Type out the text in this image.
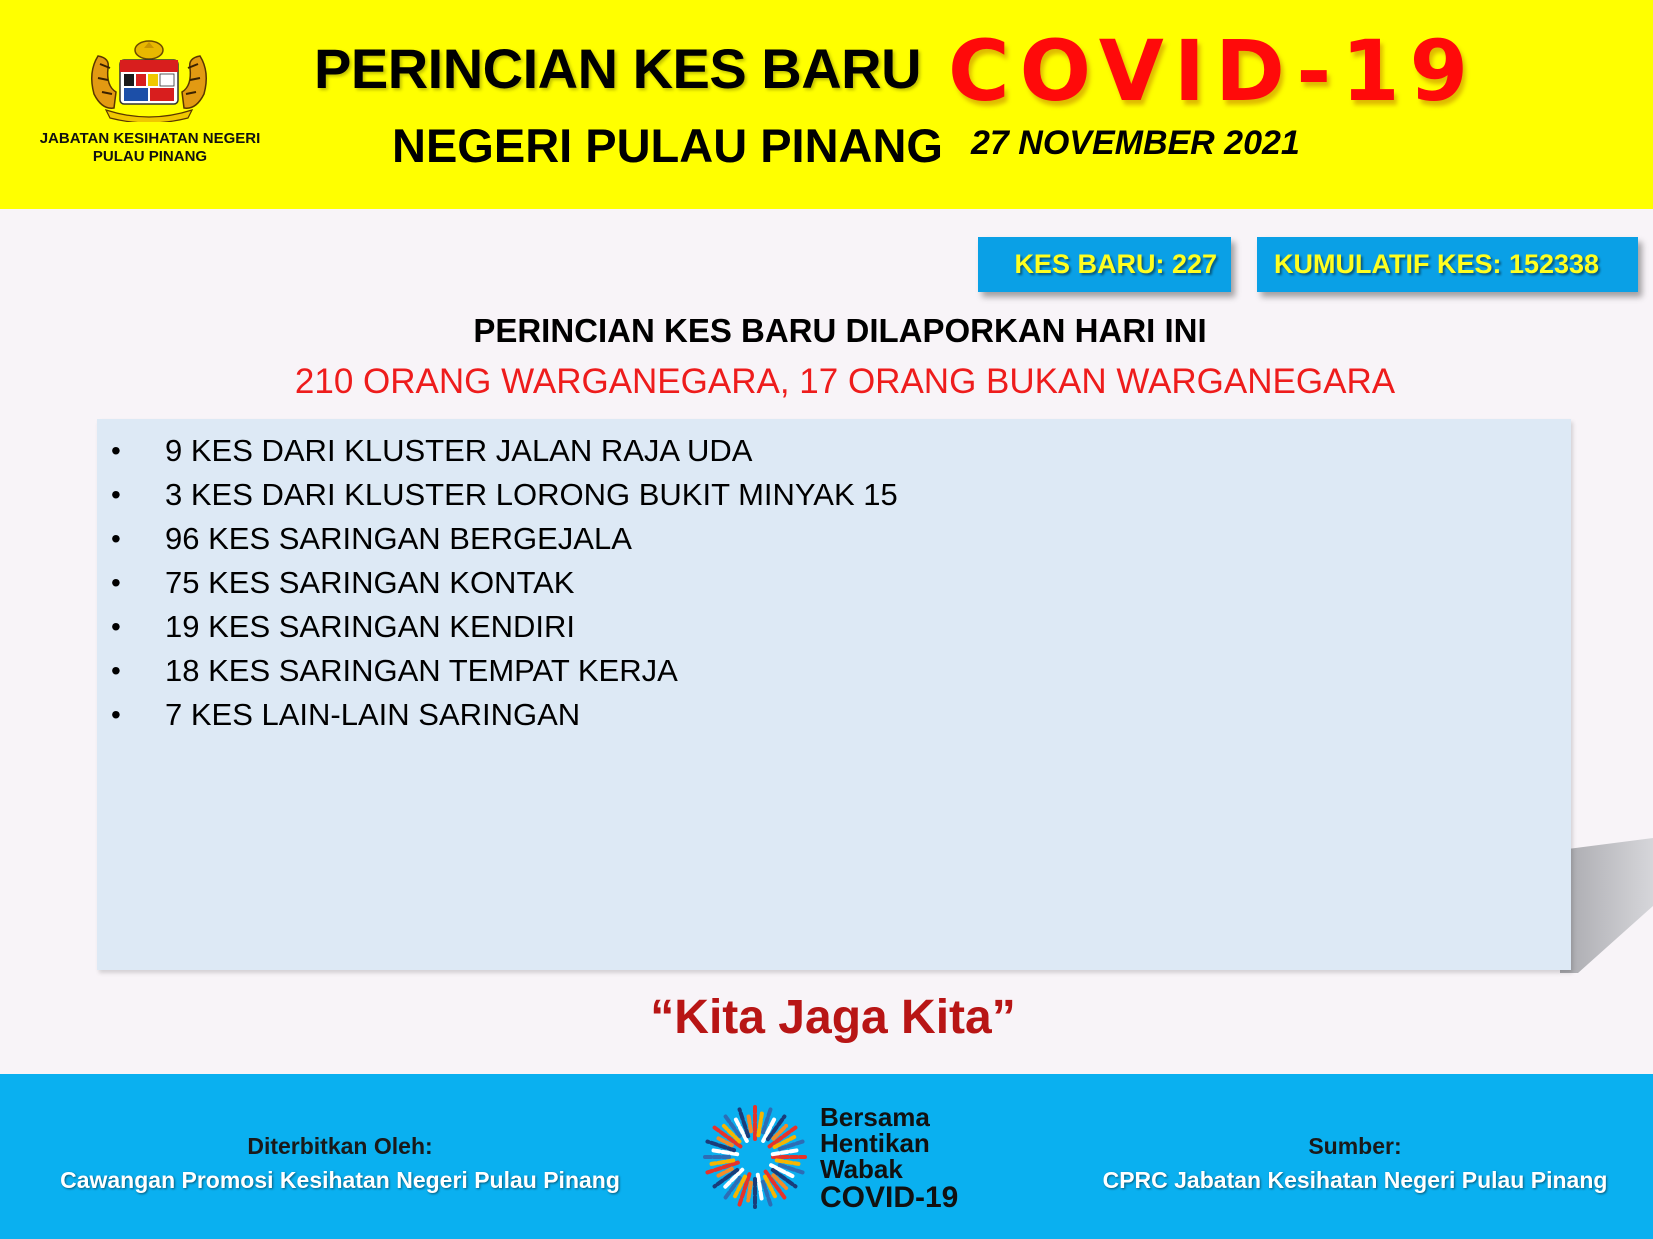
JABATAN KESIHATAN NEGERI
PULAU PINANG
PERINCIAN KES BARU COVID-19
NEGERI PULAU PINANG 27 NOVEMBER 2021
KES BARU: 227	KUMULATIF KES: 152338
PERINCIAN KES BARU DILAPORKAN HARI INI
210 ORANG WARGANEGARA, 17 ORANG BUKAN WARGANEGARA
• 9 KES DARI KLUSTER JALAN RAJA UDA
• 3 KES DARI KLUSTER LORONG BUKIT MINYAK 15
• 96 KES SARINGAN BERGEJALA
• 75 KES SARINGAN KONTAK
• 19 KES SARINGAN KENDIRI
• 18 KES SARINGAN TEMPAT KERJA
• 7 KES LAIN-LAIN SARINGAN
“Kita Jaga Kita”
Diterbitkan Oleh:
Cawangan Promosi Kesihatan Negeri Pulau Pinang
Sumber:
CPRC Jabatan Kesihatan Negeri Pulau Pinang
Bersama
Hentikan
Wabak
COVID-19
